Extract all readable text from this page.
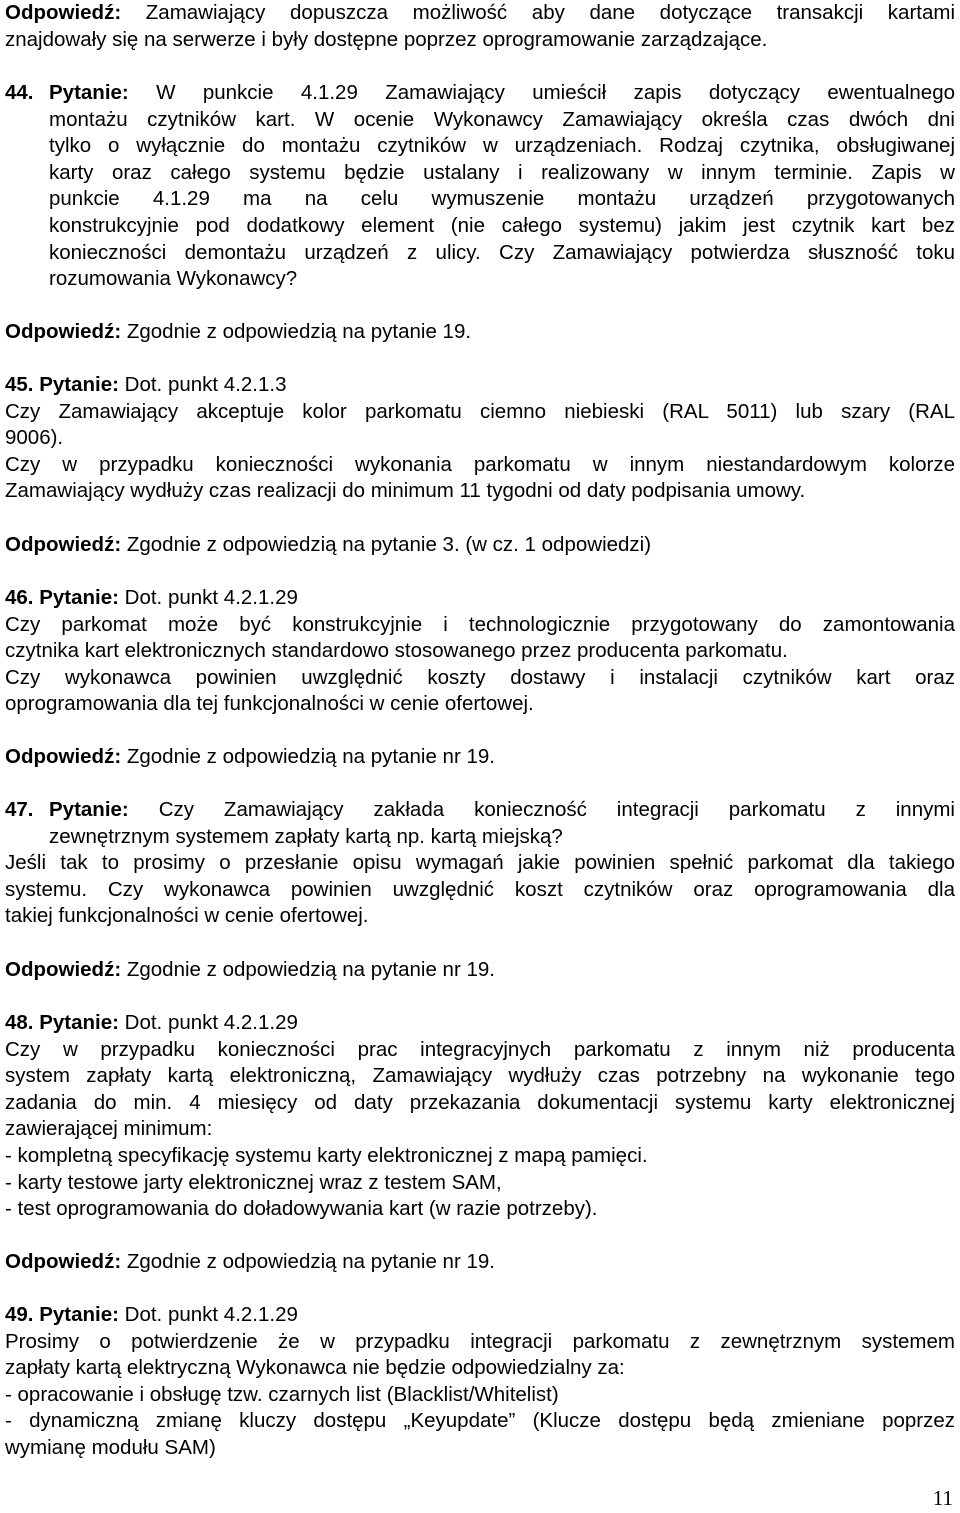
Odpowiedź: Zamawiający dopuszcza możliwość aby dane dotyczące transakcji kartami
znajdowały się na serwerze i były dostępne poprzez oprogramowanie zarządzające.
44. Pytanie: W punkcie 4.1.29 Zamawiający umieścił zapis dotyczący ewentualnego
montażu czytników kart. W ocenie Wykonawcy Zamawiający określa czas dwóch dni
tylko o wyłącznie do montażu czytników w urządzeniach. Rodzaj czytnika, obsługiwanej
karty oraz całego systemu będzie ustalany i realizowany w innym terminie. Zapis w
punkcie 4.1.29 ma na celu wymuszenie montażu urządzeń przygotowanych
konstrukcyjnie pod dodatkowy element (nie całego systemu) jakim jest czytnik kart bez
konieczności demontażu urządzeń z ulicy. Czy Zamawiający potwierdza słuszność toku
rozumowania Wykonawcy?
Odpowiedź: Zgodnie z odpowiedzią na pytanie 19.
45. Pytanie: Dot. punkt 4.2.1.3
Czy Zamawiający akceptuje kolor parkomatu ciemno niebieski (RAL 5011) lub szary (RAL
9006).
Czy w przypadku konieczności wykonania parkomatu w innym niestandardowym kolorze
Zamawiający wydłuży czas realizacji do minimum 11 tygodni od daty podpisania umowy.
Odpowiedź: Zgodnie z odpowiedzią na pytanie 3. (w cz. 1 odpowiedzi)
46. Pytanie: Dot. punkt 4.2.1.29
Czy parkomat może być konstrukcyjnie i technologicznie przygotowany do zamontowania
czytnika kart elektronicznych standardowo stosowanego przez producenta parkomatu.
Czy wykonawca powinien uwzględnić koszty dostawy i instalacji czytników kart oraz
oprogramowania dla tej funkcjonalności w cenie ofertowej.
Odpowiedź: Zgodnie z odpowiedzią na pytanie nr 19.
47. Pytanie: Czy Zamawiający zakłada konieczność integracji parkomatu z innymi
zewnętrznym systemem zapłaty kartą np. kartą miejską?
Jeśli tak to prosimy o przesłanie opisu wymagań jakie powinien spełnić parkomat dla takiego
systemu. Czy wykonawca powinien uwzględnić koszt czytników oraz oprogramowania dla
takiej funkcjonalności w cenie ofertowej.
Odpowiedź: Zgodnie z odpowiedzią na pytanie nr 19.
48. Pytanie: Dot. punkt 4.2.1.29
Czy w przypadku konieczności prac integracyjnych parkomatu z innym niż producenta
system zapłaty kartą elektroniczną, Zamawiający wydłuży czas potrzebny na wykonanie tego
zadania do min. 4 miesięcy od daty przekazania dokumentacji systemu karty elektronicznej
zawierającej minimum:
- kompletną specyfikację systemu karty elektronicznej z mapą pamięci.
- karty testowe jarty elektronicznej wraz z testem SAM,
- test oprogramowania do doładowywania kart (w razie potrzeby).
Odpowiedź: Zgodnie z odpowiedzią na pytanie nr 19.
49. Pytanie: Dot. punkt 4.2.1.29
Prosimy o potwierdzenie że w przypadku integracji parkomatu z zewnętrznym systemem
zapłaty kartą elektryczną Wykonawca nie będzie odpowiedzialny za:
- opracowanie i obsługę tzw. czarnych list (Blacklist/Whitelist)
- dynamiczną zmianę kluczy dostępu „Keyupdate” (Klucze dostępu będą zmieniane poprzez
wymianę modułu SAM)
11
